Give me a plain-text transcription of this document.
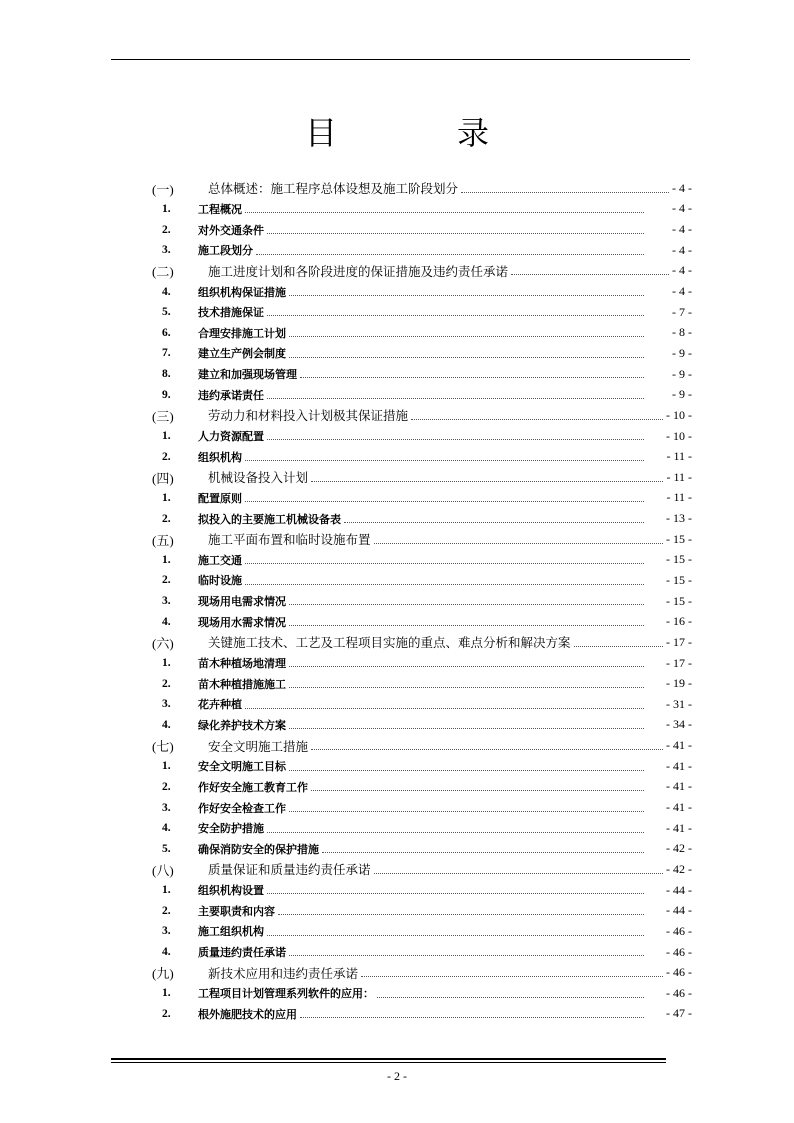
目	录
(一)	总体概述：施工程序总体设想及施工阶段划分	- 4 -
1.	工程概况	- 4 -
2.	对外交通条件	- 4 -
3.	施工段划分	- 4 -
(二)	施工进度计划和各阶段进度的保证措施及违约责任承诺	- 4 -
4.	组织机构保证措施	- 4 -
5.	技术措施保证	- 7 -
6.	合理安排施工计划	- 8 -
7.	建立生产例会制度	- 9 -
8.	建立和加强现场管理	- 9 -
9.	违约承诺责任	- 9 -
(三)	劳动力和材料投入计划极其保证措施	- 10 -
1.	人力资源配置	- 10 -
2.	组织机构	- 11 -
(四)	机械设备投入计划	- 11 -
1.	配置原则	- 11 -
2.	拟投入的主要施工机械设备表	- 13 -
(五)	施工平面布置和临时设施布置	- 15 -
1.	施工交通	- 15 -
2.	临时设施	- 15 -
3.	现场用电需求情况	- 15 -
4.	现场用水需求情况	- 16 -
(六)	关键施工技术、工艺及工程项目实施的重点、难点分析和解决方案	- 17 -
1.	苗木种植场地清理	- 17 -
2.	苗木种植措施施工	- 19 -
3.	花卉种植	- 31 -
4.	绿化养护技术方案	- 34 -
(七)	安全文明施工措施	- 41 -
1.	安全文明施工目标	- 41 -
2.	作好安全施工教育工作	- 41 -
3.	作好安全检查工作	- 41 -
4.	安全防护措施	- 41 -
5.	确保消防安全的保护措施	- 42 -
(八)	质量保证和质量违约责任承诺	- 42 -
1.	组织机构设置	- 44 -
2.	主要职责和内容	- 44 -
3.	施工组织机构	- 46 -
4.	质量违约责任承诺	- 46 -
(九)	新技术应用和违约责任承诺	- 46 -
1.	工程项目计划管理系列软件的应用：	- 46 -
2.	根外施肥技术的应用	- 47 -
- 2 -
